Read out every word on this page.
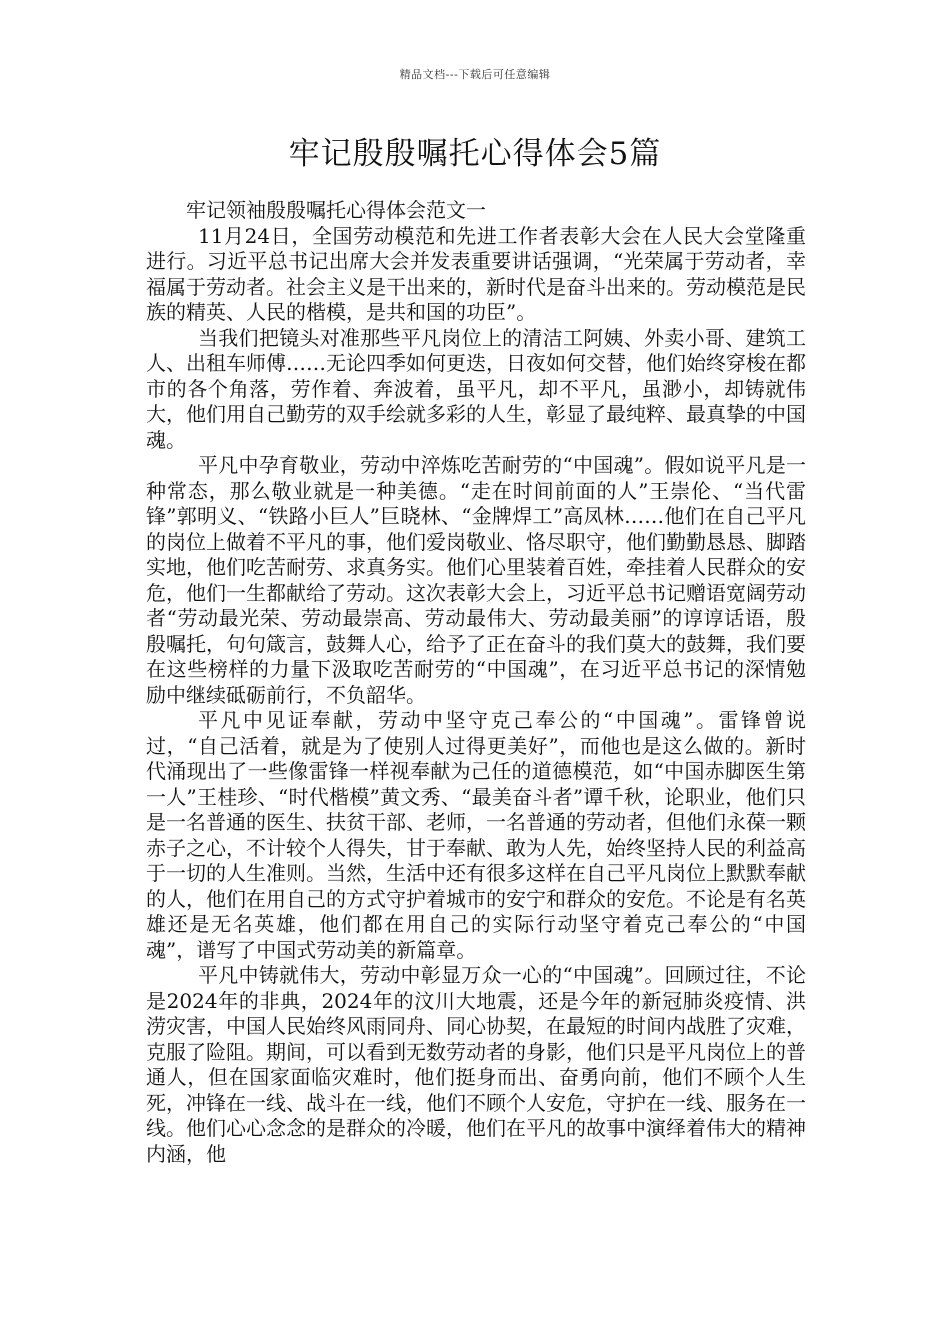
精品文档---下载后可任意编辑
牢记殷殷嘱托心得体会5篇

牢记领袖殷殷嘱托心得体会范文一

11月24日，全国劳动模范和先进工作者表彰大会在人民大会堂隆重进行。习近平总书记出席大会并发表重要讲话强调，“光荣属于劳动者，幸福属于劳动者。社会主义是干出来的，新时代是奋斗出来的。劳动模范是民族的精英、人民的楷模，是共和国的功臣”。

当我们把镜头对准那些平凡岗位上的清洁工阿姨、外卖小哥、建筑工人、出租车师傅……无论四季如何更迭，日夜如何交替，他们始终穿梭在都市的各个角落，劳作着、奔波着，虽平凡，却不平凡，虽渺小，却铸就伟大，他们用自己勤劳的双手绘就多彩的人生，彰显了最纯粹、最真挚的中国魂。

平凡中孕育敬业，劳动中淬炼吃苦耐劳的“中国魂”。假如说平凡是一种常态，那么敬业就是一种美德。“走在时间前面的人”王崇伦、“当代雷锋”郭明义、“铁路小巨人”巨晓林、“金牌焊工”高凤林……他们在自己平凡的岗位上做着不平凡的事，他们爱岗敬业、恪尽职守，他们勤勤恳恳、脚踏实地，他们吃苦耐劳、求真务实。他们心里装着百姓，牵挂着人民群众的安危，他们一生都献给了劳动。这次表彰大会上，习近平总书记赠语宽阔劳动者“劳动最光荣、劳动最崇高、劳动最伟大、劳动最美丽”的谆谆话语，殷殷嘱托，句句箴言，鼓舞人心，给予了正在奋斗的我们莫大的鼓舞，我们要在这些榜样的力量下汲取吃苦耐劳的“中国魂”，在习近平总书记的深情勉励中继续砥砺前行，不负韶华。

平凡中见证奉献，劳动中坚守克己奉公的“中国魂”。雷锋曾说过，“自己活着，就是为了使别人过得更美好”，而他也是这么做的。新时代涌现出了一些像雷锋一样视奉献为己任的道德模范，如“中国赤脚医生第一人”王桂珍、“时代楷模”黄文秀、“最美奋斗者”谭千秋，论职业，他们只是一名普通的医生、扶贫干部、老师，一名普通的劳动者，但他们永葆一颗赤子之心，不计较个人得失，甘于奉献、敢为人先，始终坚持人民的利益高于一切的人生准则。当然，生活中还有很多这样在自己平凡岗位上默默奉献的人，他们在用自己的方式守护着城市的安宁和群众的安危。不论是有名英雄还是无名英雄，他们都在用自己的实际行动坚守着克己奉公的“中国魂”，谱写了中国式劳动美的新篇章。

平凡中铸就伟大，劳动中彰显万众一心的“中国魂”。回顾过往，不论是2024年的非典，2024年的汶川大地震，还是今年的新冠肺炎疫情、洪涝灾害，中国人民始终风雨同舟、同心协契，在最短的时间内战胜了灾难，克服了险阻。期间，可以看到无数劳动者的身影，他们只是平凡岗位上的普通人，但在国家面临灾难时，他们挺身而出、奋勇向前，他们不顾个人生死，冲锋在一线、战斗在一线，他们不顾个人安危，守护在一线、服务在一线。他们心心念念的是群众的冷暖，他们在平凡的故事中演绎着伟大的精神内涵，他
